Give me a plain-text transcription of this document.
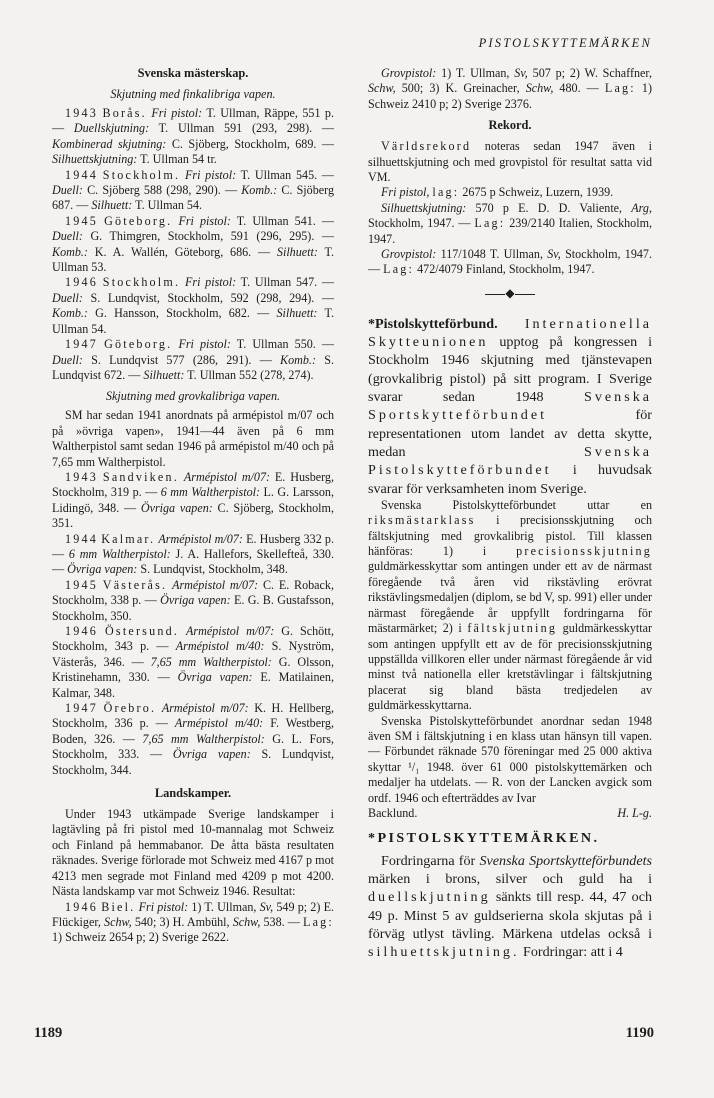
PISTOLSKYTTEMÄRKEN
Svenska mästerskap.
Skjutning med finkalibriga vapen.

1943 Borås. Fri pistol: T. Ullman, Räppe, 551 p. — Duellskjutning: T. Ullman 591 (293, 298). — Kombinerad skjutning: C. Sjöberg, Stockholm, 689. — Silhuettskjutning: T. Ullman 54 tr.

1944 Stockholm. Fri pistol: T. Ullman 545. — Duell: C. Sjöberg 588 (298, 290). — Komb.: C. Sjöberg 687. — Silhuett: T. Ullman 54.

1945 Göteborg. Fri pistol: T. Ullman 541. — Duell: G. Thimgren, Stockholm, 591 (296, 295). — Komb.: K. A. Wallén, Göteborg, 686. — Silhuett: T. Ullman 53.

1946 Stockholm. Fri pistol: T. Ullman 547. — Duell: S. Lundqvist, Stockholm, 592 (298, 294). — Komb.: G. Hansson, Stockholm, 682. — Silhuett: T. Ullman 54.

1947 Göteborg. Fri pistol: T. Ullman 550. — Duell: S. Lundqvist 577 (286, 291). — Komb.: S. Lundqvist 672. — Silhuett: T. Ullman 552 (278, 274).

Skjutning med grovkalibriga vapen.

SM har sedan 1941 anordnats på armépistol m/07 och på »övriga vapen», 1941—44 även på 6 mm Waltherpistol samt sedan 1946 på armépistol m/40 och på 7,65 mm Waltherpistol.

1943 Sandviken. Armépistol m/07: E. Husberg, Stockholm, 319 p. — 6 mm Waltherpistol: L. G. Larsson, Lidingö, 348. — Övriga vapen: C. Sjöberg, Stockholm, 351.

1944 Kalmar. Armépistol m/07: E. Husberg 332 p. — 6 mm Waltherpistol: J. A. Hallefors, Skellefteå, 330. — Övriga vapen: S. Lundqvist, Stockholm, 348.

1945 Västerås. Armépistol m/07: C. E. Roback, Stockholm, 338 p. — Övriga vapen: E. G. B. Gustafsson, Stockholm, 350.

1946 Östersund. Armépistol m/07: G. Schött, Stockholm, 343 p. — Armépistol m/40: S. Nyström, Västerås, 346. — 7,65 mm Waltherpistol: G. Olsson, Kristinehamn, 330. — Övriga vapen: E. Matilainen, Kalmar, 348.

1947 Örebro. Armépistol m/07: K. H. Hellberg, Stockholm, 336 p. — Armépistol m/40: F. Westberg, Boden, 326. — 7,65 mm Waltherpistol: G. L. Fors, Stockholm, 333. — Övriga vapen: S. Lundqvist, Stockholm, 344.

Landskamper.

Under 1943 utkämpade Sverige landskamper i lagtävling på fri pistol med 10-mannalag mot Schweiz och Finland på hemmabanor. De åtta bästa resultaten räknades. Sverige förlorade mot Schweiz med 4167 p mot 4213 men segrade mot Finland med 4209 p mot 4200. Nästa landskamp var mot Schweiz 1946. Resultat:

1946 Biel. Fri pistol: 1) T. Ullman, Sv, 549 p; 2) E. Flückiger, Schw, 540; 3) H. Ambühl, Schw, 538. — Lag: 1) Schweiz 2654 p; 2) Sverige 2622.

Grovpistol: 1) T. Ullman, Sv, 507 p; 2) W. Schaffner, Schw, 500; 3) K. Greinacher, Schw, 480. — Lag: 1) Schweiz 2410 p; 2) Sverige 2376.

Rekord.

Världsrekord noteras sedan 1947 även i silhuettskjutning och med grovpistol för resultat satta vid VM.

Fri pistol, lag: 2675 p Schweiz, Luzern, 1939.

Silhuettskjutning: 570 p E. D. D. Valiente, Arg, Stockholm, 1947. — Lag: 239/2140 Italien, Stockholm, 1947.

Grovpistol: 117/1048 T. Ullman, Sv, Stockholm, 1947. — Lag: 472/4079 Finland, Stockholm, 1947.

◆

*Pistolskytteförbund. Internationella Skytteunionen upptog på kongressen i Stockholm 1946 skjutning med tjänstevapen (grovkalibrig pistol) på sitt program. I Sverige svarar sedan 1948 Svenska Sportskytteförbundet för representationen utom landet av detta skytte, medan Svenska Pistolskytteförbundet i huvudsak svarar för verksamheten inom Sverige.

Svenska Pistolskytteförbundet uttar en riksmästarklass i precisionsskjutning och fältskjutning med grovkalibrig pistol. Till klassen hänföras: 1) i precisionsskjutning guldmärkesskyttar som antingen under ett av de närmast föregående två åren vid rikstävling erövrat rikstävlingsmedaljen (diplom, se bd V, sp. 991) eller under närmast föregående år uppfyllt fordringarna för mästarmärket; 2) i fältskjutning guldmärkesskyttar som antingen uppfyllt ett av de för precisionsskjutning uppställda villkoren eller under närmast föregående år vid minst två nationella eller kretstävlingar i fältskjutning placerat sig bland bästa tredjedelen av guldmärkesskyttarna.

Svenska Pistolskytteförbundet anordnar sedan 1948 även SM i fältskjutning i en klass utan hänsyn till vapen. — Förbundet räknade 570 föreningar med 25 000 aktiva skyttar ¹/₁ 1948. över 61 000 pistolskyttemärken och medaljer ha utdelats. — R. von der Lancken avgick som ordf. 1946 och efterträddes av Ivar

Backlund.	H. L-g.

*PISTOLSKYTTEMÄRKEN.

Fordringarna för Svenska Sportskytteförbundets märken i brons, silver och guld ha i duellskjutning sänkts till resp. 44, 47 och 49 p. Minst 5 av guldserierna skola skjutas på i förväg utlyst tävling. Märkena utdelas också i silhuettskjutning. Fordringar: att i 4

1189	1190
